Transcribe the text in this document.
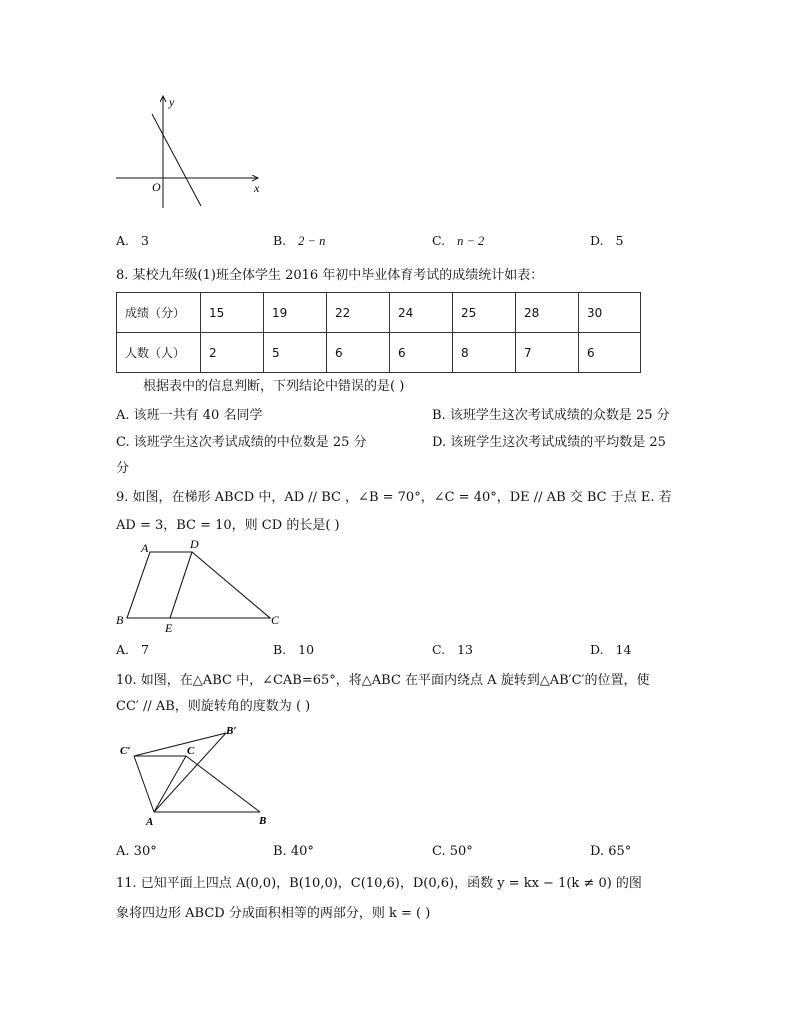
y
x
O
A. 3	B. 2 − n	C. n − 2	D. 5
8. 某校九年级(1)班全体学生 2016 年初中毕业体育考试的成绩统计如表：
成绩（分）	15	19	22	24	25	28	30
人数（人）	2	5	6	6	8	7	6
根据表中的信息判断，下列结论中错误的是( )
A. 该班一共有 40 名同学	B. 该班学生这次考试成绩的众数是 25 分
C. 该班学生这次考试成绩的中位数是 25 分	D. 该班学生这次考试成绩的平均数是 25
分
9. 如图，在梯形 ABCD 中，AD // BC ，∠B = 70°，∠C = 40°，DE // AB 交 BC 于点 E. 若
AD = 3，BC = 10，则 CD 的长是( )
A	D
B
E
C
A. 7	B. 10	C. 13	D. 14
10. 如图，在△ABC 中，∠CAB=65°，将△ABC 在平面内绕点 A 旋转到△AB′C′的位置，使
CC′ // AB，则旋转角的度数为 ( )
B′
C′	C
A	B
A. 30°	B. 40°	C. 50°	D. 65°
11. 已知平面上四点 A(0,0)，B(10,0)，C(10,6)，D(0,6)，函数 y = kx − 1(k ≠ 0) 的图
象将四边形 ABCD 分成面积相等的两部分，则 k = ( )
